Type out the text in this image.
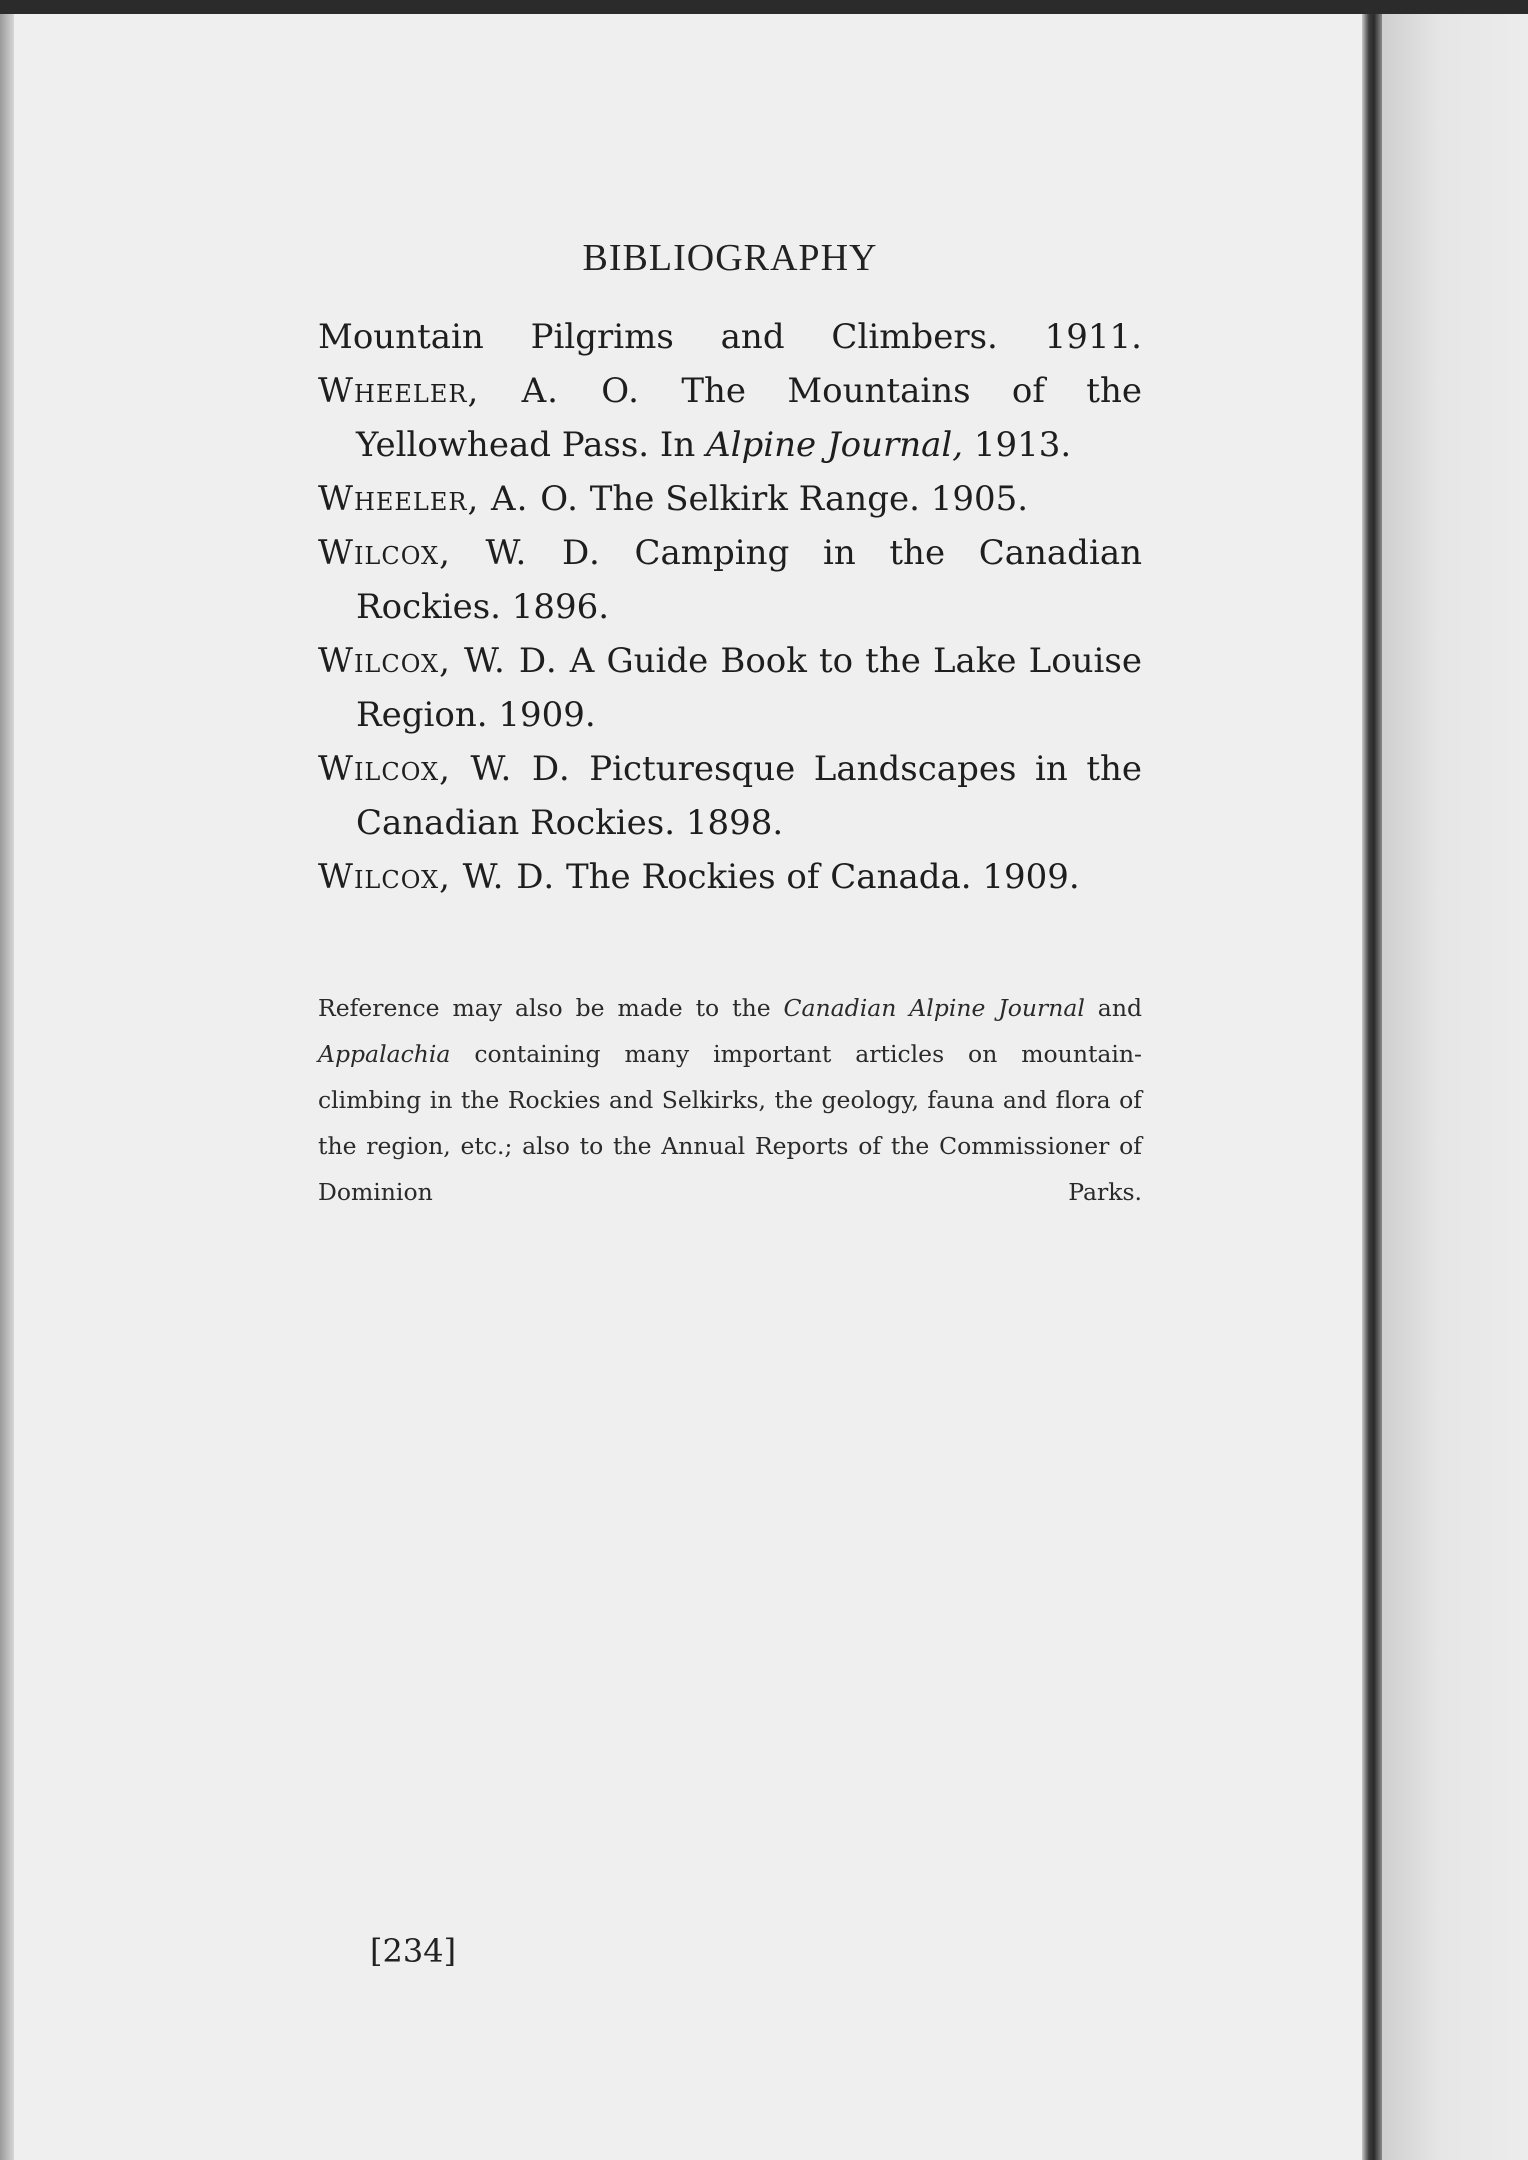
BIBLIOGRAPHY

Mountain Pilgrims and Climbers. 1911.

Wheeler, A. O. The Mountains of the Yellowhead Pass. In Alpine Journal, 1913.

Wheeler, A. O. The Selkirk Range. 1905.

Wilcox, W. D. Camping in the Canadian Rockies. 1896.

Wilcox, W. D. A Guide Book to the Lake Louise Region. 1909.

Wilcox, W. D. Picturesque Landscapes in the Canadian Rockies. 1898.

Wilcox, W. D. The Rockies of Canada. 1909.

Reference may also be made to the Canadian Alpine Journal and Appalachia containing many important articles on mountain-climbing in the Rockies and Selkirks, the geology, fauna and flora of the region, etc.; also to the Annual Reports of the Commissioner of Dominion Parks.

[234]
